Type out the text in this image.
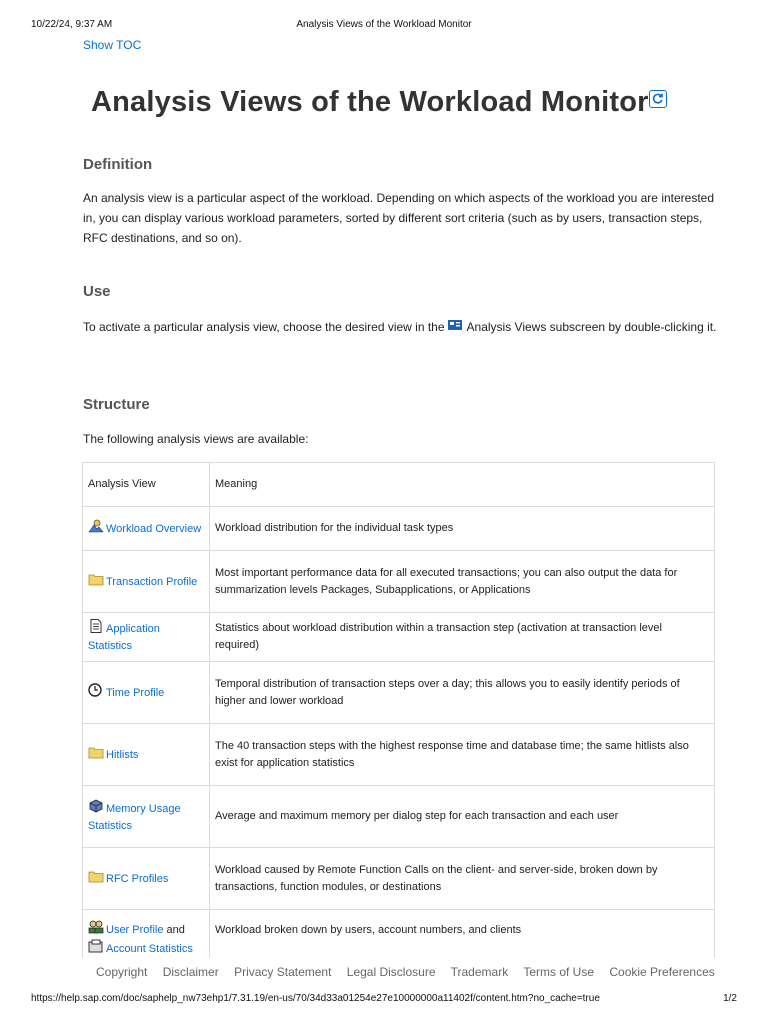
10/22/24, 9:37 AM	Analysis Views of the Workload Monitor
Show TOC
Analysis Views of the Workload Monitor
Definition

An analysis view is a particular aspect of the workload. Depending on which aspects of the workload you are interested in, you can display various workload parameters, sorted by different sort criteria (such as by users, transaction steps, RFC destinations, and so on).

Use

To activate a particular analysis view, choose the desired view in the Analysis Views subscreen by double-clicking it.

Structure

The following analysis views are available:

Analysis View	Meaning
Workload Overview	Workload distribution for the individual task types
Transaction Profile	Most important performance data for all executed transactions; you can also output the data for summarization levels Packages, Subapplications, or Applications
Application Statistics	Statistics about workload distribution within a transaction step (activation at transaction level required)
Time Profile	Temporal distribution of transaction steps over a day; this allows you to easily identify periods of higher and lower workload
Hitlists	The 40 transaction steps with the highest response time and database time; the same hitlists also exist for application statistics
Memory Usage Statistics	Average and maximum memory per dialog step for each transaction and each user
RFC Profiles	Workload caused by Remote Function Calls on the client- and server-side, broken down by transactions, function modules, or destinations
User Profile and
Account Statistics	Workload broken down by users, account numbers, and clients
Copyright Disclaimer Privacy Statement Legal Disclosure Trademark Terms of Use Cookie Preferences
https://help.sap.com/doc/saphelp_nw73ehp1/7.31.19/en-us/70/34d33a01254e27e10000000a11402f/content.htm?no_cache=true	1/2
